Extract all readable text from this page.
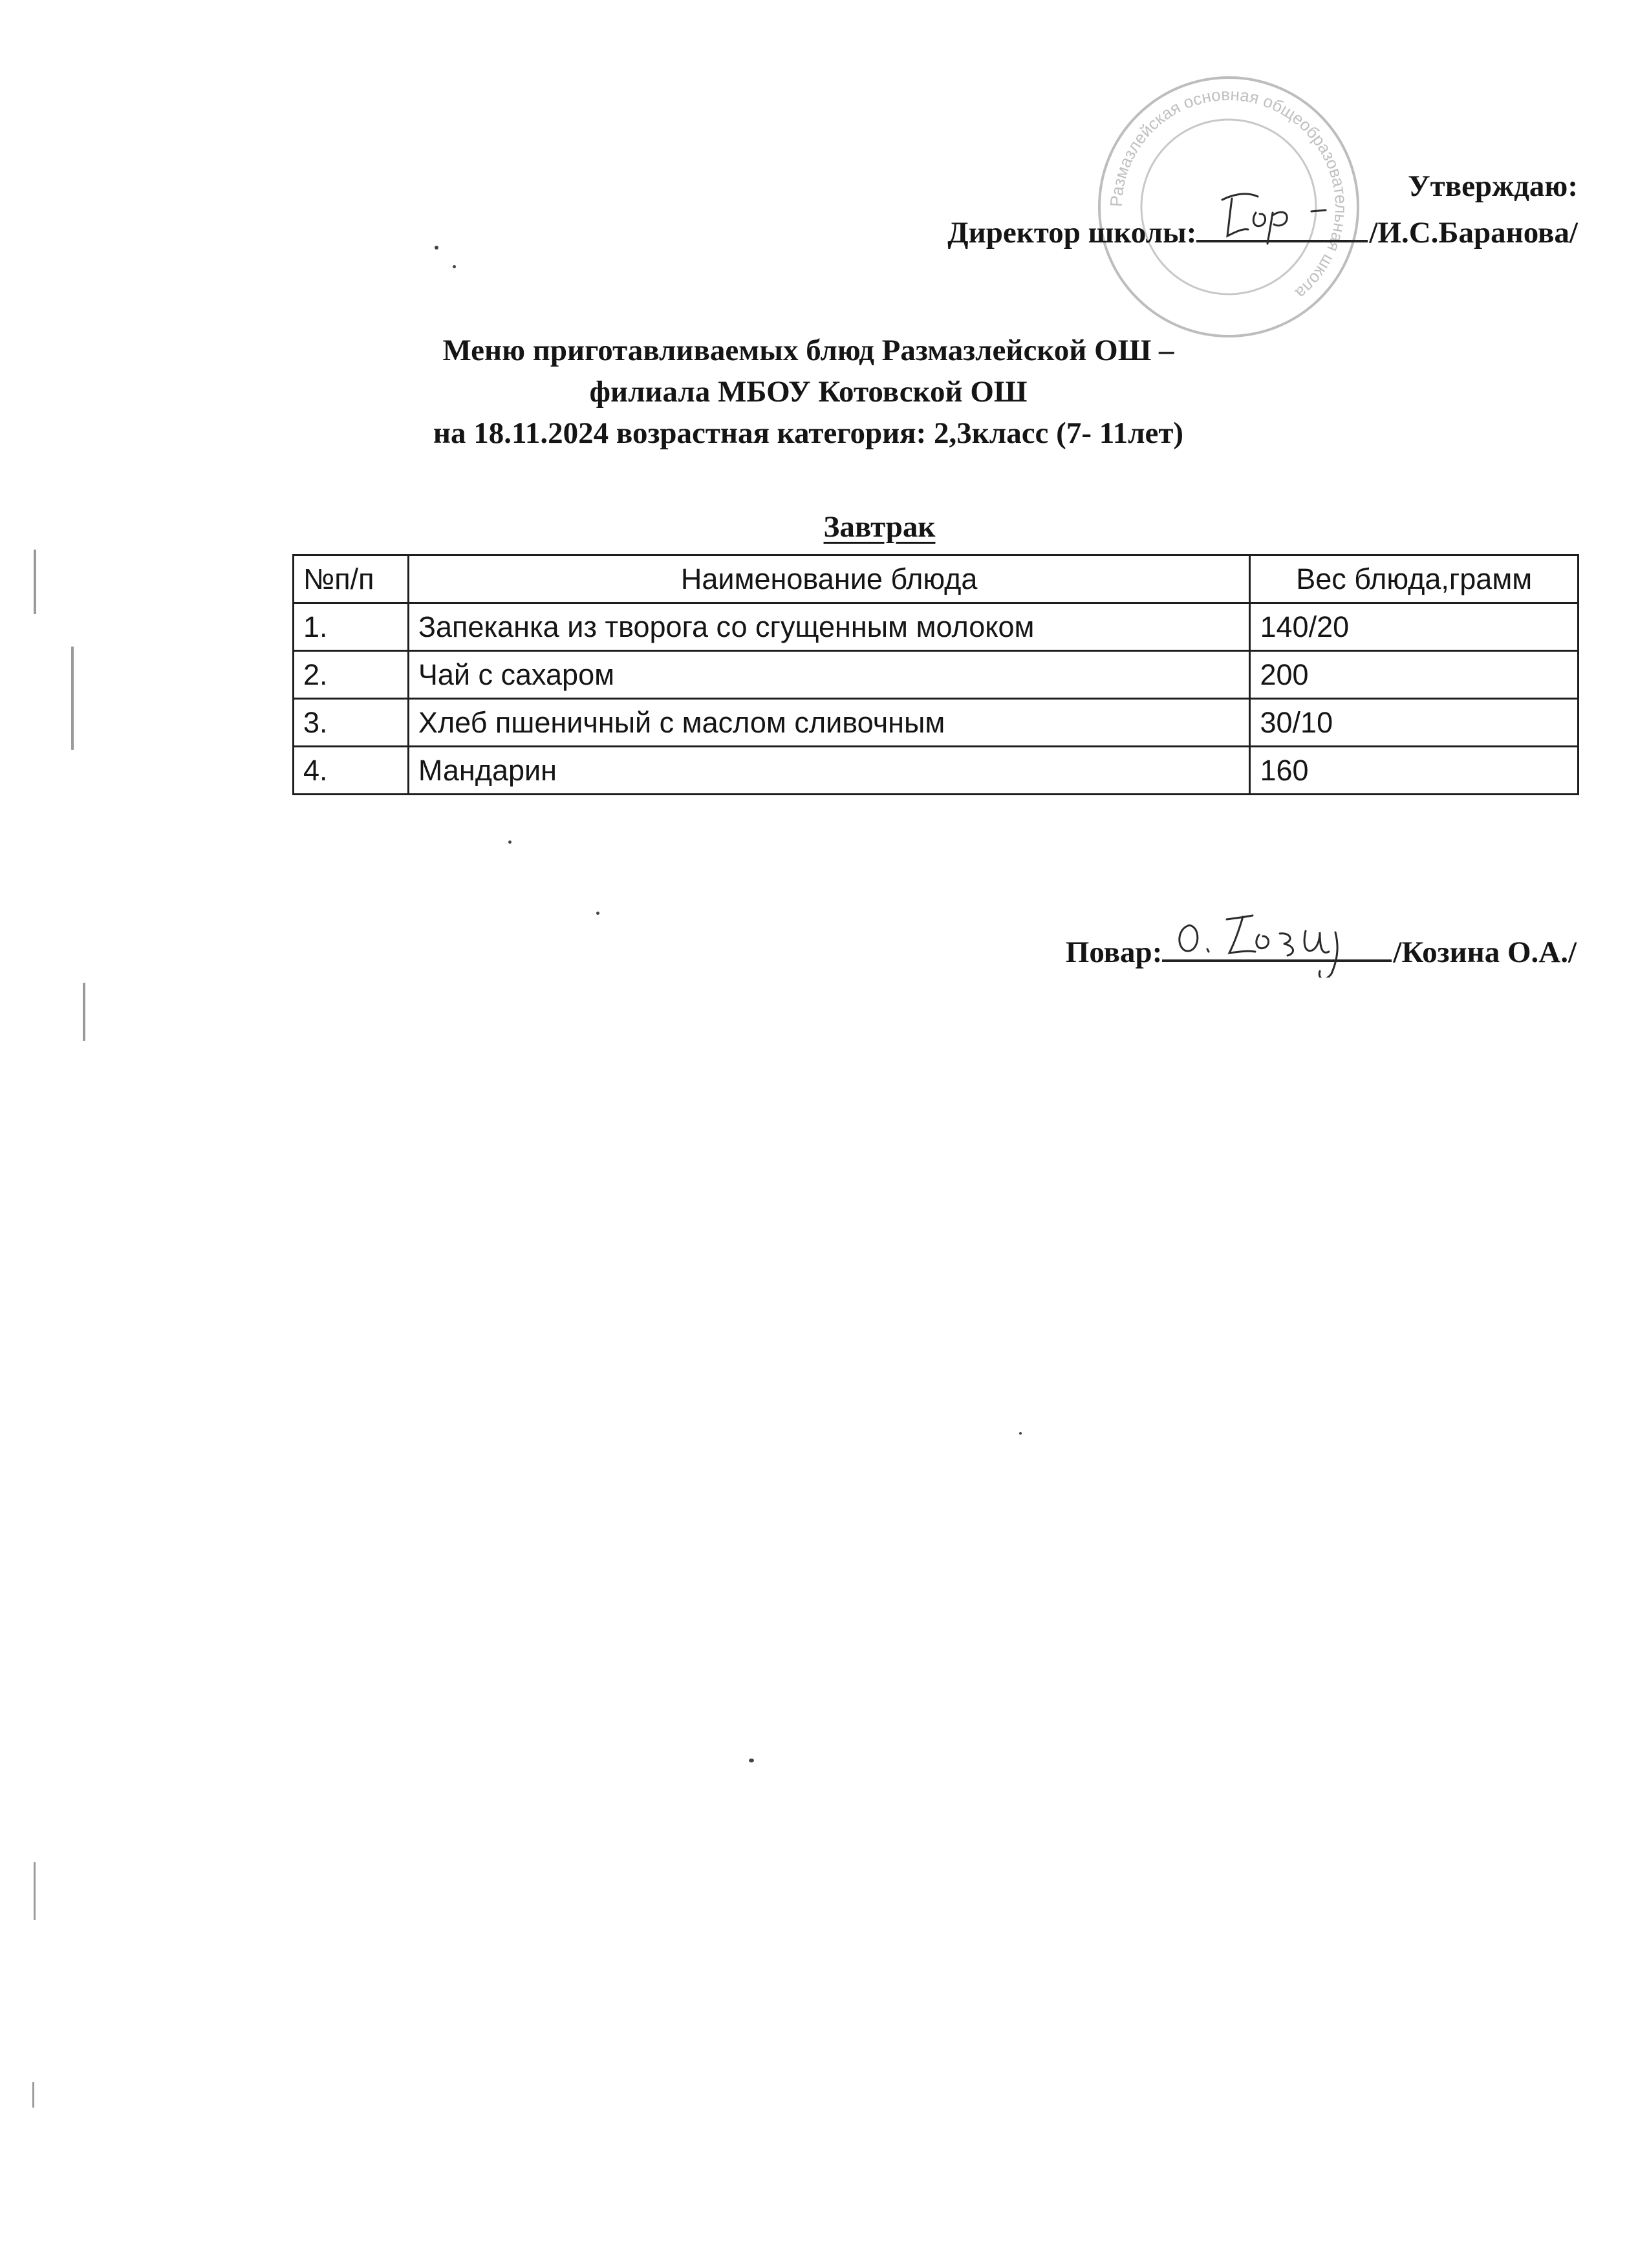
Размазлейская основная общеобразовательная школа
Утверждаю:
Директор школы:	/И.С.Баранова/
Меню приготавливаемых блюд Размазлейской ОШ –
филиала МБОУ Котовской ОШ
на 18.11.2024 возрастная категория: 2,3класс (7- 11лет)
Завтрак
№п/п	Наименование блюда	Вес блюда,грамм
1.	Запеканка из творога со сгущенным молоком	140/20
2.	Чай с сахаром	200
3.	Хлеб пшеничный с маслом сливочным	30/10
4.	Мандарин	160
Повар:	/Козина О.А./
